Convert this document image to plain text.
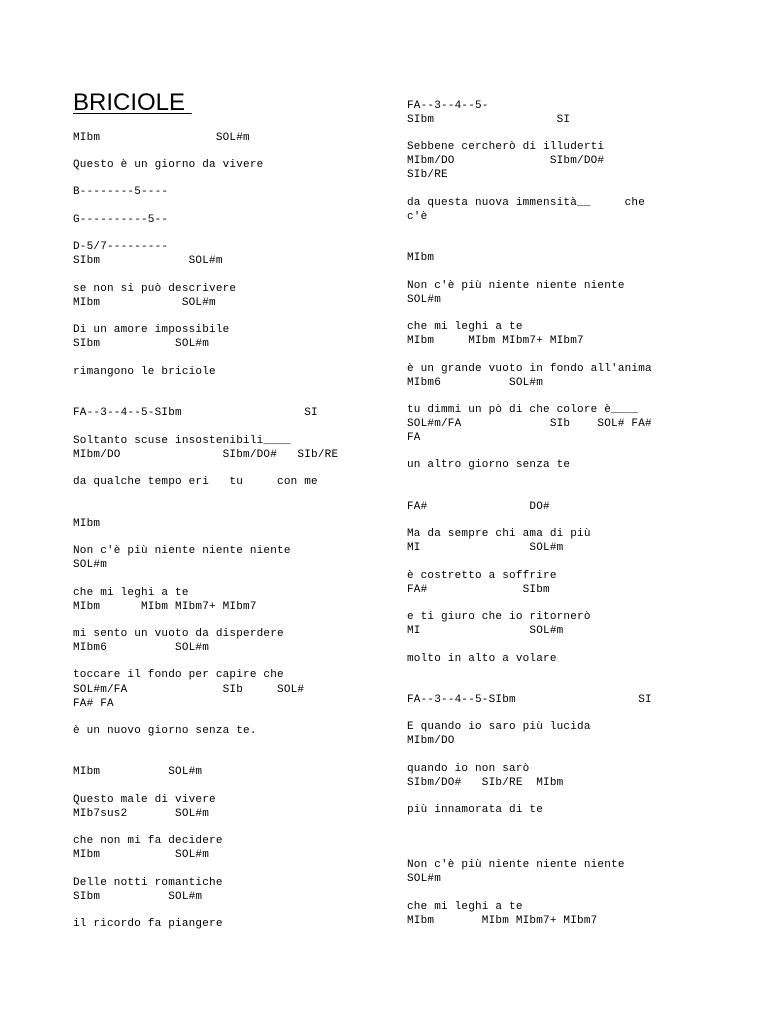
BRICIOLE
MIbm                 SOL#m
Questo è un giorno da vivere
B--------5----
G----------5--
D-5/7---------
SIbm             SOL#m
se non si può descrivere
MIbm            SOL#m
Di un amore impossibile
SIbm           SOL#m
rimangono le briciole
FA--3--4--5-SIbm                  SI
Soltanto scuse insostenibili____
MIbm/DO               SIbm/DO#   SIb/RE
da qualche tempo eri   tu     con me
MIbm
Non c'è più niente niente niente
SOL#m
che mi leghi a te
MIbm      MIbm MIbm7+ MIbm7
mi sento un vuoto da disperdere
MIbm6          SOL#m
toccare il fondo per capire che
SOL#m/FA              SIb     SOL#
FA# FA
è un nuovo giorno senza te.
MIbm          SOL#m
Questo male di vivere
MIb7sus2       SOL#m
che non mi fa decidere
MIbm           SOL#m
Delle notti romantiche
SIbm          SOL#m
il ricordo fa piangere
FA--3--4--5-
SIbm                  SI
Sebbene cercherò di illuderti
MIbm/DO              SIbm/DO#
SIb/RE
da questa nuova immensità__     che
c'è
MIbm
Non c'è più niente niente niente
SOL#m
che mi leghi a te
MIbm     MIbm MIbm7+ MIbm7
è un grande vuoto in fondo all'anima
MIbm6          SOL#m
tu dimmi un pò di che colore è____
SOL#m/FA             SIb    SOL# FA#
FA
un altro giorno senza te
FA#               DO#
Ma da sempre chi ama di più
MI                SOL#m
è costretto a soffrire
FA#              SIbm
e ti giuro che io ritornerò
MI                SOL#m
molto in alto a volare
FA--3--4--5-SIbm                  SI
E quando io saro più lucida
MIbm/DO
quando io non sarò
SIbm/DO#   SIb/RE  MIbm
più innamorata di te
Non c'è più niente niente niente
SOL#m
che mi leghi a te
MIbm       MIbm MIbm7+ MIbm7
